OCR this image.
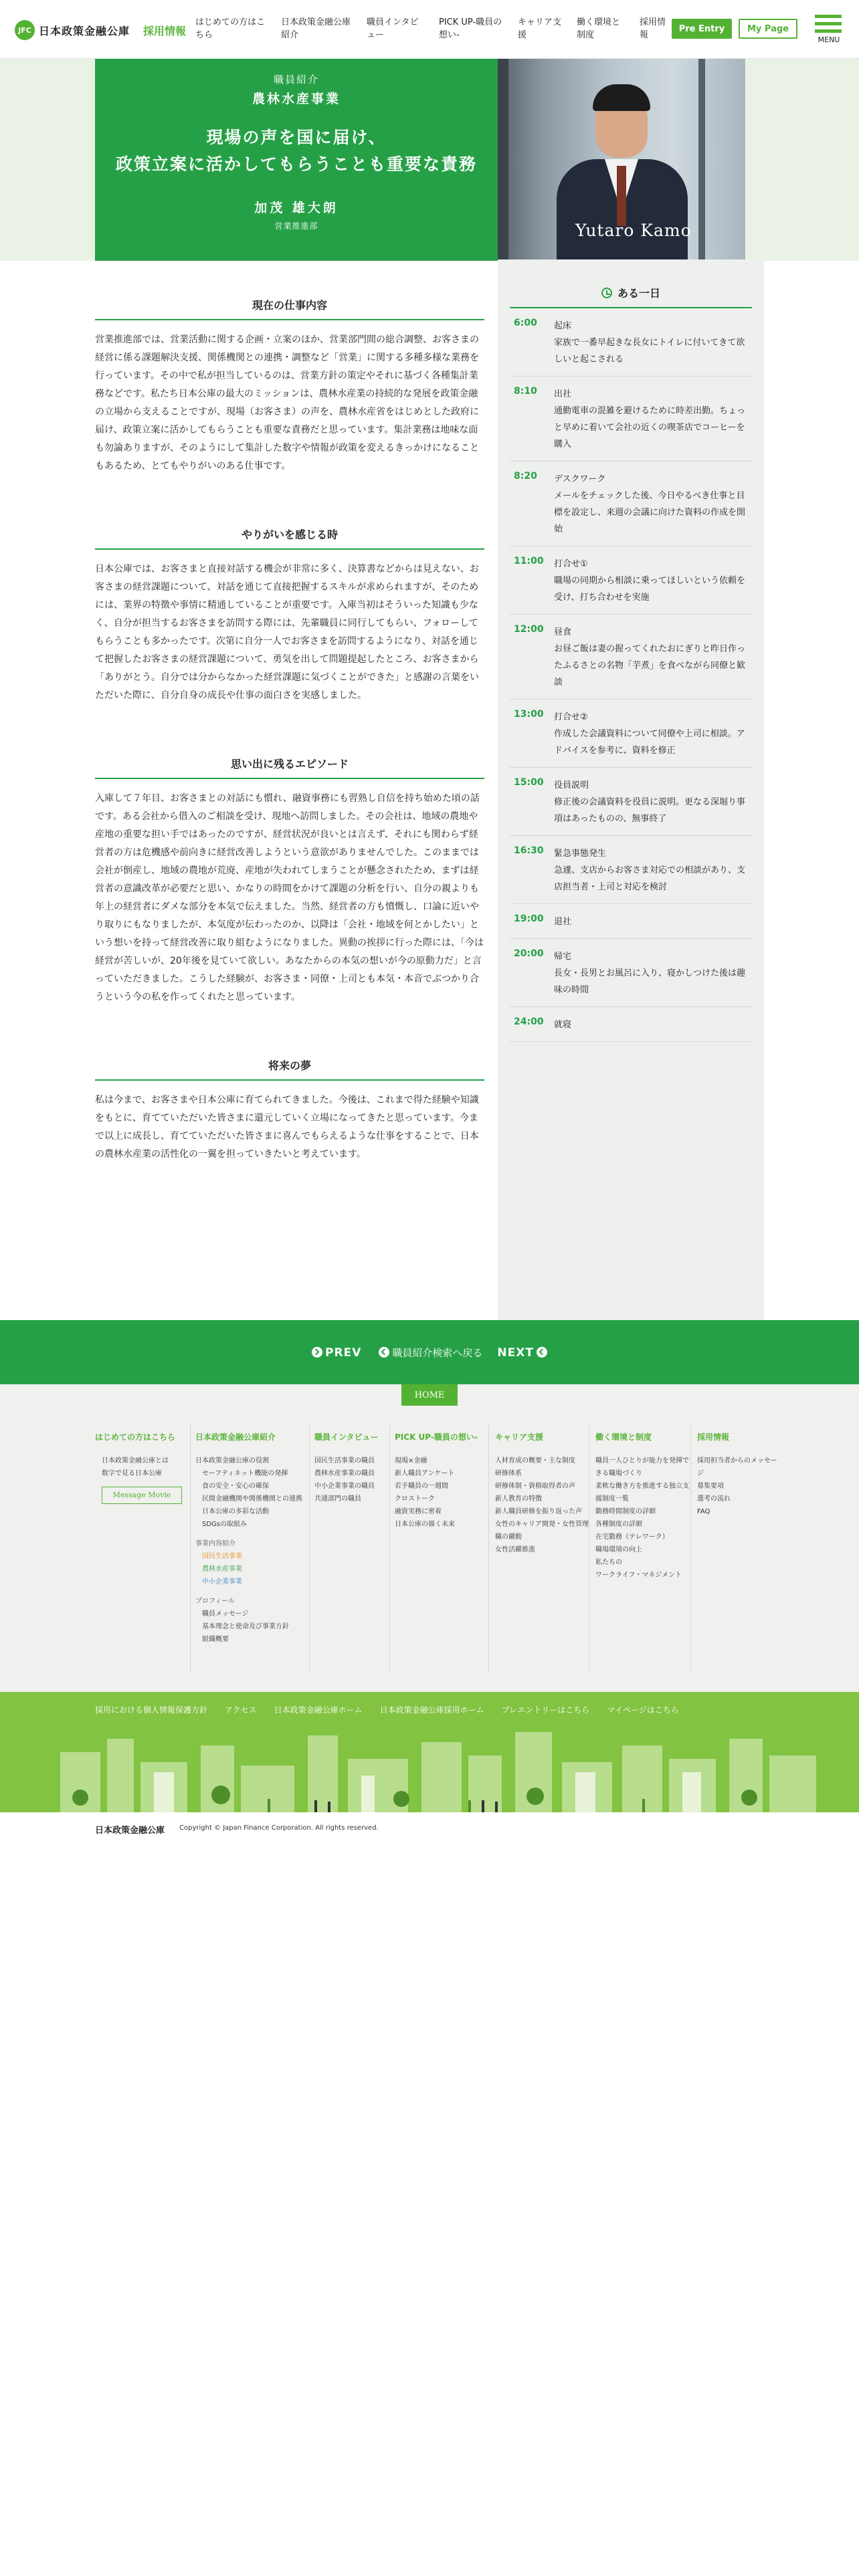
JFC 日本政策金融公庫 採用情報
はじめての方はこちら
日本政策金融公庫紹介
職員インタビュー
PICK UP-職員の想い-
キャリア支援
働く環境と制度
採用情報
Pre Entry	My Page
MENU
職員紹介
農林水産事業
現場の声を国に届け、
政策立案に活かしてもらうことも重要な責務
加茂 雄大朗
営業推進部	Yutaro Kamo
現在の仕事内容

営業推進部では、営業活動に関する企画・立案のほか、営業部門間の総合調整、お客さまの経営に係る課題解決支援、関係機関との連携・調整など「営業」に関する多種多様な業務を行っています。その中で私が担当しているのは、営業方針の策定やそれに基づく各種集計業務などです。私たち日本公庫の最大のミッションは、農林水産業の持続的な発展を政策金融の立場から支えることですが、現場（お客さま）の声を、農林水産省をはじめとした政府に届け、政策立案に活かしてもらうことも重要な責務だと思っています。集計業務は地味な面も勿論ありますが、そのようにして集計した数字や情報が政策を変えるきっかけになることもあるため、とてもやりがいのある仕事です。

やりがいを感じる時

日本公庫では、お客さまと直接対話する機会が非常に多く、決算書などからは見えない、お客さまの経営課題について、対話を通じて直接把握するスキルが求められますが、そのためには、業界の特徴や事情に精通していることが重要です。入庫当初はそういった知識も少なく、自分が担当するお客さまを訪問する際には、先輩職員に同行してもらい、フォローしてもらうことも多かったです。次第に自分一人でお客さまを訪問するようになり、対話を通じて把握したお客さまの経営課題について、勇気を出して問題提起したところ、お客さまから「ありがとう。自分では分からなかった経営課題に気づくことができた」と感謝の言葉をいただいた際に、自分自身の成長や仕事の面白さを実感しました。

思い出に残るエピソード

入庫して７年目、お客さまとの対話にも慣れ、融資事務にも習熟し自信を持ち始めた頃の話です。ある会社から借入のご相談を受け、現地へ訪問しました。その会社は、地域の農地や産地の重要な担い手ではあったのですが、経営状況が良いとは言えず、それにも関わらず経営者の方は危機感や前向きに経営改善しようという意欲がありませんでした。このままでは会社が倒産し、地域の農地が荒廃、産地が失われてしまうことが懸念されたため、まずは経営者の意識改革が必要だと思い、かなりの時間をかけて課題の分析を行い、自分の親よりも年上の経営者にダメな部分を本気で伝えました。当然、経営者の方も憤慨し、口論に近いやり取りにもなりましたが、本気度が伝わったのか、以降は「会社・地域を何とかしたい」という想いを持って経営改善に取り組むようになりました。異動の挨拶に行った際には、「今は経営が苦しいが、20年後を見ていて欲しい。あなたからの本気の想いが今の原動力だ」と言っていただきました。こうした経験が、お客さま・同僚・上司とも本気・本音でぶつかり合うという今の私を作ってくれたと思っています。

将来の夢

私は今まで、お客さまや日本公庫に育てられてきました。今後は、これまで得た経験や知識をもとに、育てていただいた皆さまに還元していく立場になってきたと思っています。今まで以上に成長し、育てていただいた皆さまに喜んでもらえるような仕事をすることで、日本の農林水産業の活性化の一翼を担っていきたいと考えています。

ある一日
6:00	起床
家族で一番早起きな長女にトイレに付いてきて欲しいと起こされる
8:10	出社
通勤電車の混雑を避けるために時差出勤。ちょっと早めに着いて会社の近くの喫茶店でコーヒーを購入
8:20	デスクワーク
メールをチェックした後、今日やるべき仕事と目標を設定し、来週の会議に向けた資料の作成を開始
11:00	打合せ①
職場の同期から相談に乗ってほしいという依頼を受け、打ち合わせを実施
12:00	昼食
お昼ご飯は妻の握ってくれたおにぎりと昨日作ったふるさとの名物「芋煮」を食べながら同僚と歓談
13:00	打合せ②
作成した会議資料について同僚や上司に相談。アドバイスを参考に、資料を修正
15:00	役員説明
修正後の会議資料を役員に説明。更なる深堀り事項はあったものの、無事終了
16:30	緊急事態発生
急遽、支店からお客さま対応での相談があり、支店担当者・上司と対応を検討
19:00	退社
20:00	帰宅
長女・長男とお風呂に入り、寝かしつけた後は趣味の時間
24:00	就寝
PREV	職員紹介検索へ戻る NEXT
はじめての方はこちら
日本政策金融公庫とは
数字で見る日本公庫
Message Movie
日本政策金融公庫紹介
日本政策金融公庫の役割
セーフティネット機能の発揮
食の安全・安心の確保
民間金融機関や関係機関との連携
日本公庫の多彩な活動
SDGsの取組み
事業内容紹介
国民生活事業
農林水産事業
中小企業事業
プロフィール
職員メッセージ
基本理念と使命及び事業方針
組織概要
職員インタビュー
国民生活事業の職員
農林水産事業の職員
中小企業事業の職員
共通部門の職員
PICK UP-職員の想い-
現場×金融
新人職員アンケート
若手職員の一週間
クロストーク
融資実務に密着
日本公庫の描く未来
キャリア支援
人材育成の概要・主な制度
研修体系
研修体制・資格取得者の声
新人教育の特徴
新人職員研修を振り返った声
女性のキャリア開発・女性管理職の躍動
女性活躍推進
働く環境と制度
職員一人ひとりが能力を発揮できる職場づくり
柔軟な働き方を推進する独立支援制度一覧
勤務時間制度の詳細
各種制度の詳細
在宅勤務（テレワーク）
職場環境の向上
私たちの
ワークライフ・マネジメント
採用情報
採用担当者からのメッセージ
募集要項
選考の流れ
FAQ
HOME
採用における個人情報保護方針 アクセス 日本政策金融公庫ホーム 日本政策金融公庫採用ホーム プレエントリーはこちら マイページはこちら
日本政策金融公庫 Copyright © Japan Finance Corporation. All rights reserved.
